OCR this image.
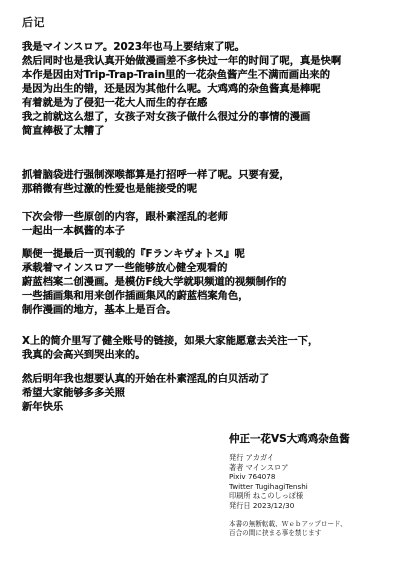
后记
我是マインスロア。2023年也马上要结束了呢。
然后同时也是我认真开始做漫画差不多快过一年的时间了呢，真是快啊
本作是因由对Trip-Trap-Train里的一花杂鱼酱产生不满而画出来的
是因为出生的错，还是因为其他什么呢。大鸡鸡的杂鱼酱真是棒呢
有着就是为了侵犯一花大人而生的存在感
我之前就这么想了，女孩子对女孩子做什么很过分的事情的漫画
简直棒极了太糟了
抓着脑袋进行强制深喉都算是打招呼一样了呢。只要有爱，
那稍微有些过激的性爱也是能接受的呢
下次会带一些原创的内容，跟朴素淫乱的老师
一起出一本枫酱的本子
顺便一提最后一页刊载的『Fランキヴォトス』呢
承载着マインスロア一些能够放心健全观看的
蔚蓝档案二创漫画。是模仿F线大学就职频道的视频制作的
一些插画集和用来创作插画集风的蔚蓝档案角色，
制作漫画的地方，基本上是百合。
X上的简介里写了健全账号的链接，如果大家能愿意去关注一下，
我真的会高兴到哭出来的。
然后明年我也想要认真的开始在朴素淫乱的白贝活动了
希望大家能够多多关照
新年快乐
仲正一花VS大鸡鸡杂鱼酱
発行 アカガイ
著者 マインスロア
Pixiv 764078
Twitter TugihagiTenshi
印刷所 ねこのしっぽ様
発行日 2023/12/30
本書の無断転載、Ｗｅｂアップロード、
百合の間に挟まる事を禁じます
